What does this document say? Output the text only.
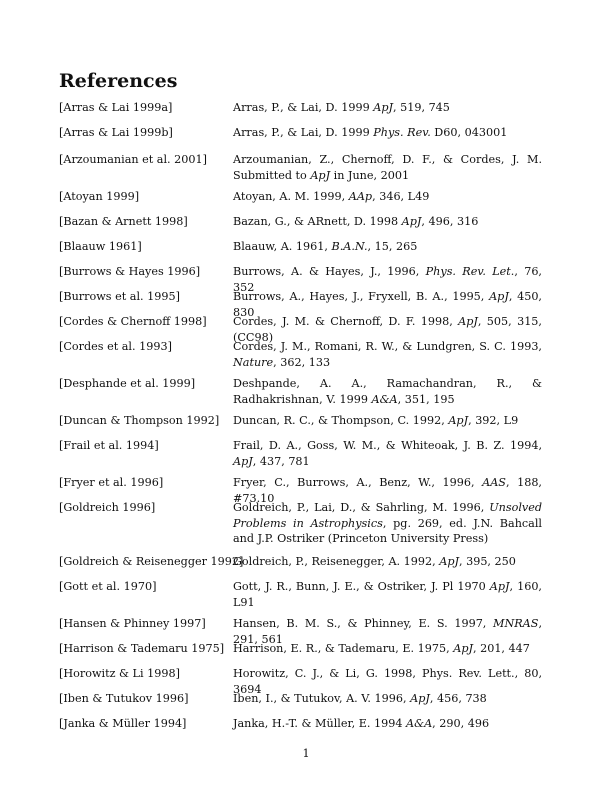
References
[Arras & Lai 1999a]	Arras, P., & Lai, D. 1999 ApJ, 519, 745
[Arras & Lai 1999b]	Arras, P., & Lai, D. 1999 Phys. Rev. D60, 043001
[Arzoumanian et al. 2001] Arzoumanian, Z., Chernoff, D. F., & Cordes, J. M. Submitted to ApJ in June, 2001
[Atoyan 1999]	Atoyan, A. M. 1999, AAp, 346, L49
[Bazan & Arnett 1998]	Bazan, G., & ARnett, D. 1998 ApJ, 496, 316
[Blaauw 1961]	Blaauw, A. 1961, B.A.N., 15, 265
[Burrows & Hayes 1996]	Burrows, A. & Hayes, J., 1996, Phys. Rev. Let., 76, 352
[Burrows et al. 1995]	Burrows, A., Hayes, J., Fryxell, B. A., 1995, ApJ, 450, 830
[Cordes & Chernoff 1998] Cordes, J. M. & Chernoff, D. F. 1998, ApJ, 505, 315, (CC98)
[Cordes et al. 1993]	Cordes, J. M., Romani, R. W., & Lundgren, S. C. 1993, Nature, 362, 133
[Desphande et al. 1999]	Deshpande, A. A., Ramachandran, R., & Radhakrishnan, V. 1999 A&A, 351, 195
[Duncan & Thompson 1992] Duncan, R. C., & Thompson, C. 1992, ApJ, 392, L9
[Frail et al. 1994]	Frail, D. A., Goss, W. M., & Whiteoak, J. B. Z. 1994, ApJ, 437, 781
[Fryer et al. 1996]	Fryer, C., Burrows, A., Benz, W., 1996, AAS, 188, #73.10
[Goldreich 1996]	Goldreich, P., Lai, D., & Sahrling, M. 1996, Unsolved Problems in Astrophysics, pg. 269, ed. J.N. Bahcall and J.P. Ostriker (Princeton University Press)
[Goldreich & Reisenegger 1992]
Goldreich, P., Reisenegger, A. 1992, ApJ, 395, 250
[Gott et al. 1970]	Gott, J. R., Bunn, J. E., & Ostriker, J. Pl 1970 ApJ, 160, L91
[Hansen & Phinney 1997] Hansen, B. M. S., & Phinney, E. S. 1997, MNRAS, 291, 561
[Harrison & Tademaru 1975] Harrison, E. R., & Tademaru, E. 1975, ApJ, 201, 447
[Horowitz & Li 1998]	Horowitz, C. J., & Li, G. 1998, Phys. Rev. Lett., 80, 3694
[Iben & Tutukov 1996]	Iben, I., & Tutukov, A. V. 1996, ApJ, 456, 738
[Janka & Müller 1994]	Janka, H.-T. & Müller, E. 1994 A&A, 290, 496
1
